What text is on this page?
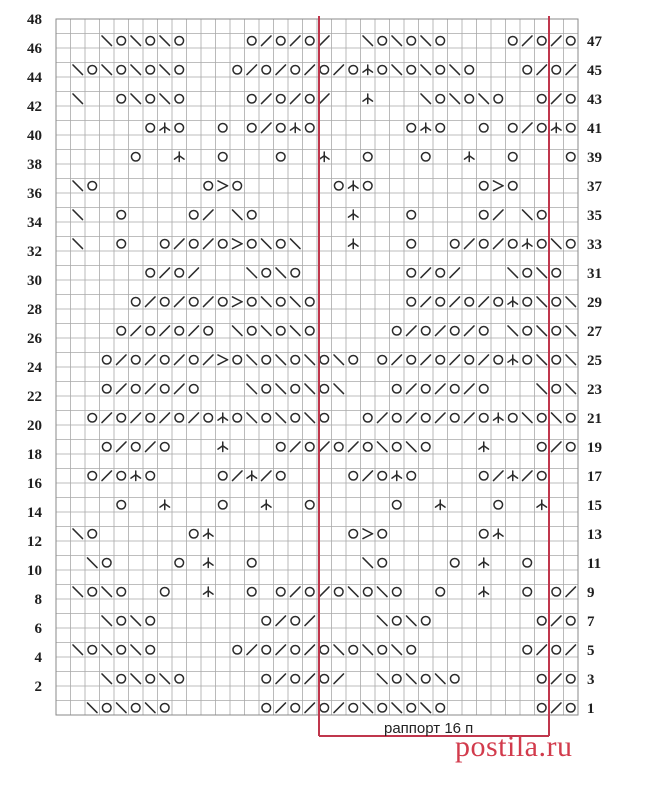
2
4
6
8
10
12
14
16
18
20
22
24
26
28
30
32
34
36
38
40
42
44
46
48
1
3
5
7
9
11
13
15
17
19
21
23
25
27
29
31
33
35
37
39
41
43
45
47
раппорт 16 п
postila.ru
